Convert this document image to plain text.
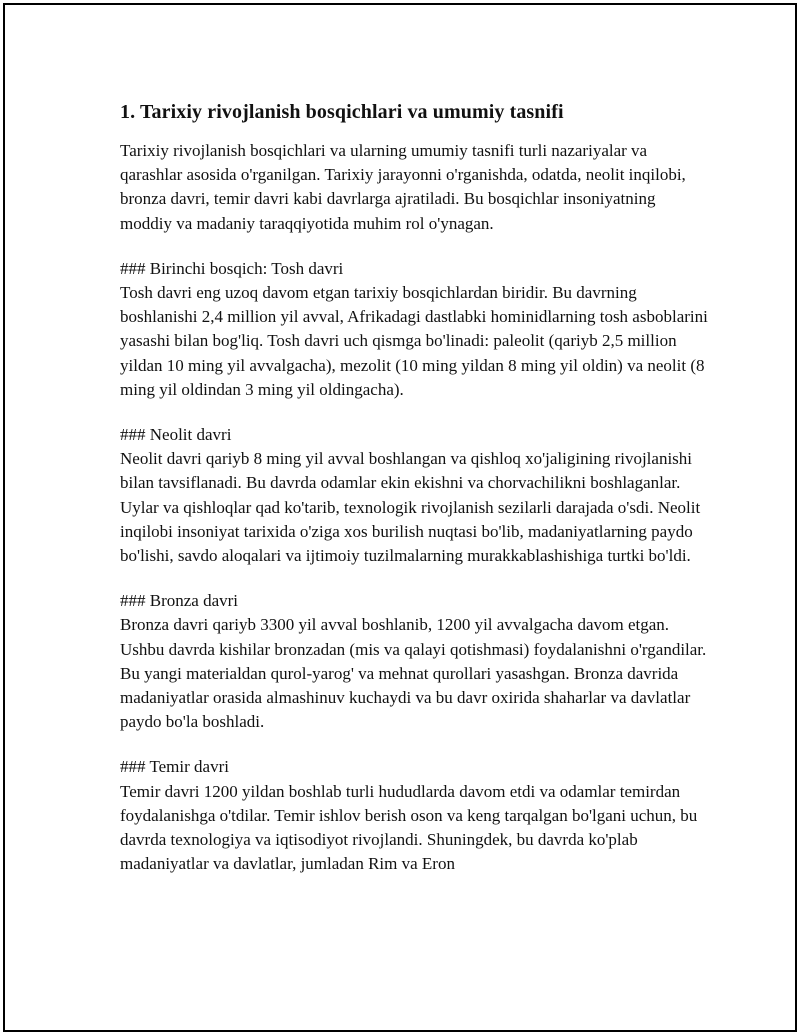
1. Tarixiy rivojlanish bosqichlari va umumiy tasnifi

Tarixiy rivojlanish bosqichlari va ularning umumiy tasnifi turli nazariyalar va qarashlar asosida o'rganilgan. Tarixiy jarayonni o'rganishda, odatda, neolit inqilobi, bronza davri, temir davri kabi davrlarga ajratiladi. Bu bosqichlar insoniyatning moddiy va madaniy taraqqiyotida muhim rol o'ynagan.

### Birinchi bosqich: Tosh davri

Tosh davri eng uzoq davom etgan tarixiy bosqichlardan biridir. Bu davrning boshlanishi 2,4 million yil avval, Afrikadagi dastlabki hominidlarning tosh asboblarini yasashi bilan bog'liq. Tosh davri uch qismga bo'linadi: paleolit (qariyb 2,5 million yildan 10 ming yil avvalgacha), mezolit (10 ming yildan 8 ming yil oldin) va neolit (8 ming yil oldindan 3 ming yil oldingacha).

### Neolit davri

Neolit davri qariyb 8 ming yil avval boshlangan va qishloq xo'jaligining rivojlanishi bilan tavsiflanadi. Bu davrda odamlar ekin ekishni va chorvachilikni boshlaganlar. Uylar va qishloqlar qad ko'tarib, texnologik rivojlanish sezilarli darajada o'sdi. Neolit inqilobi insoniyat tarixida o'ziga xos burilish nuqtasi bo'lib, madaniyatlarning paydo bo'lishi, savdo aloqalari va ijtimoiy tuzilmalarning murakkablashishiga turtki bo'ldi.

### Bronza davri

Bronza davri qariyb 3300 yil avval boshlanib, 1200 yil avvalgacha davom etgan. Ushbu davrda kishilar bronzadan (mis va qalayi qotishmasi) foydalanishni o'rgandilar. Bu yangi materialdan qurol-yarog' va mehnat qurollari yasashgan. Bronza davrida madaniyatlar orasida almashinuv kuchaydi va bu davr oxirida shaharlar va davlatlar paydo bo'la boshladi.

### Temir davri

Temir davri 1200 yildan boshlab turli hududlarda davom etdi va odamlar temirdan foydalanishga o'tdilar. Temir ishlov berish oson va keng tarqalgan bo'lgani uchun, bu davrda texnologiya va iqtisodiyot rivojlandi. Shuningdek, bu davrda ko'plab madaniyatlar va davlatlar, jumladan Rim va Eron
